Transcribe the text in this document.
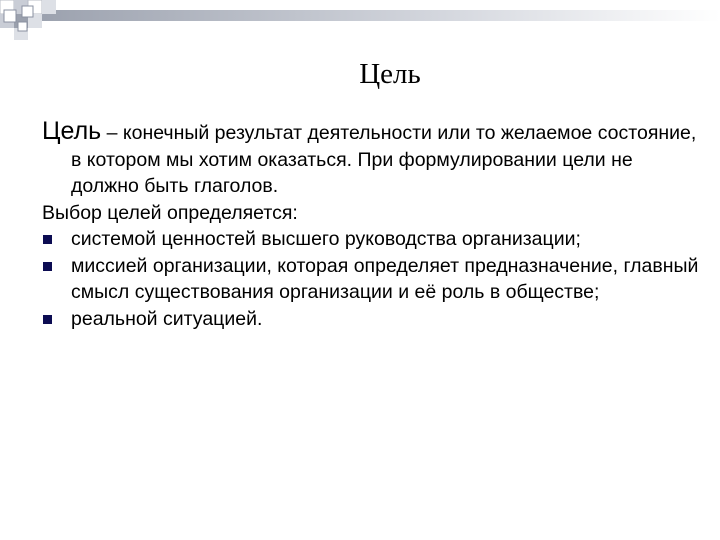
Цель

Цель – конечный результат деятельности или то желаемое состояние, в котором мы хотим оказаться. При формулировании цели не должно быть глаголов.

Выбор целей определяется:

системой ценностей высшего руководства организации;

миссией организации, которая определяет предназначение, главный смысл существования организации и её роль в обществе;

реальной ситуацией.
